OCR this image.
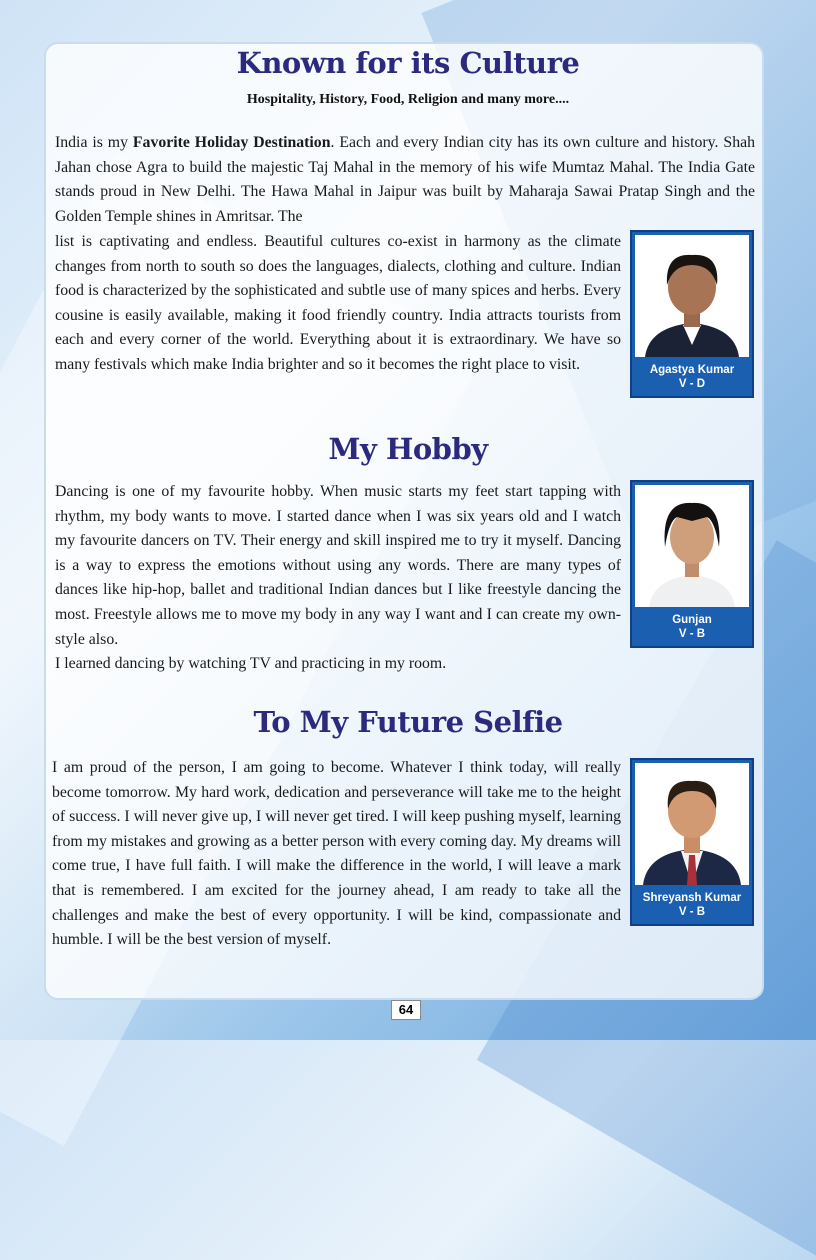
Known for its Culture
Hospitality, History, Food, Religion and many more....

India is my Favorite Holiday Destination. Each and every Indian city has its own culture and history. Shah Jahan chose Agra to build the majestic Taj Mahal in the memory of his wife Mumtaz Mahal. The India Gate stands proud in New Delhi. The Hawa Mahal in Jaipur was built by Maharaja Sawai Pratap Singh and the Golden Temple shines in Amritsar. The

list is captivating and endless. Beautiful cultures co-exist in harmony as the climate changes from north to south so does the languages, dialects, clothing and culture. Indian food is characterized by the sophisticated and subtle use of many spices and herbs. Every cousine is easily available, making it food friendly country. India attracts tourists from each and every corner of the world. Everything about it is extraordinary. We have so many festivals which make India brighter and so it becomes the right place to visit.	Agastya Kumar
V - D
My Hobby

Dancing is one of my favourite hobby. When music starts my feet start tapping with rhythm, my body wants to move. I started dance when I was six years old and I watch my favourite dancers on TV. Their energy and skill inspired me to try it myself. Dancing is a way to express the emotions without using any words. There are many types of dances like hip-hop, ballet and traditional Indian dances but I like freestyle dancing the most. Freestyle allows me to move my body in any way I want and I can create my own-style also.

I learned dancing by watching TV and practicing in my room.

Gunjan
V - B
To My Future Selfie

I am proud of the person, I am going to become. Whatever I think today, will really become tomorrow. My hard work, dedication and perseverance will take me to the height of success. I will never give up, I will never get tired. I will keep pushing myself, learning from my mistakes and growing as a better person with every coming day. My dreams will come true, I have full faith. I will make the difference in the world, I will leave a mark that is remembered. I am excited for the journey ahead, I am ready to take all the challenges and make the best of every opportunity. I will be kind, compassionate and humble. I will be the best version of myself.

Shreyansh Kumar
V - B
64
